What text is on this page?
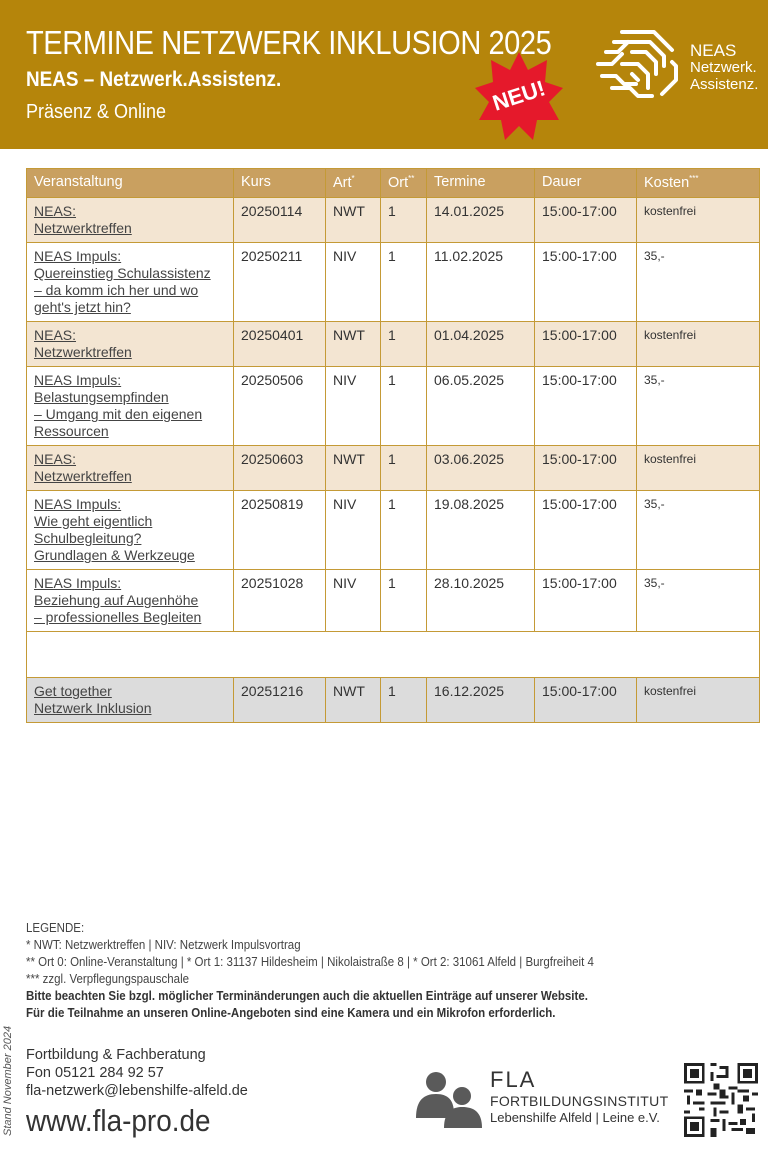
TERMINE NETZWERK INKLUSION 2025
NEAS – Netzwerk.Assistenz.
Präsenz & Online	NEU!
NEAS
Netzwerk.
Assistenz.
Veranstaltung	Kurs	Art*	Ort**	Termine	Dauer	Kosten***

NEAS:
Netzwerktreffen	20250114	NWT	1	14.01.2025	15:00-17:00	kostenfrei

NEAS Impuls:
Quereinstieg Schulassistenz
– da komm ich her und wo
geht's jetzt hin?	20250211	NIV	1	11.02.2025	15:00-17:00	35,-

NEAS:
Netzwerktreffen	20250401	NWT	1	01.04.2025	15:00-17:00	kostenfrei

NEAS Impuls:
Belastungsempfinden
– Umgang mit den eigenen
Ressourcen	20250506	NIV	1	06.05.2025	15:00-17:00	35,-

NEAS:
Netzwerktreffen	20250603	NWT	1	03.06.2025	15:00-17:00	kostenfrei

NEAS Impuls:
Wie geht eigentlich
Schulbegleitung?
Grundlagen & Werkzeuge	20250819	NIV	1	19.08.2025	15:00-17:00	35,-

NEAS Impuls:
Beziehung auf Augenhöhe
– professionelles Begleiten	20251028	NIV	1	28.10.2025	15:00-17:00	35,-

Get together
Netzwerk Inklusion	20251216	NWT	1	16.12.2025	15:00-17:00	kostenfrei
LEGENDE:
* NWT: Netzwerktreffen | NIV: Netzwerk Impulsvortrag
** Ort 0: Online-Veranstaltung | * Ort 1: 31137 Hildesheim | Nikolaistraße 8 | * Ort 2: 31061 Alfeld | Burgfreiheit 4
*** zzgl. Verpflegungspauschale
Bitte beachten Sie bzgl. möglicher Terminänderungen auch die aktuellen Einträge auf unserer Website.
Für die Teilnahme an unseren Online-Angeboten sind eine Kamera und ein Mikrofon erforderlich.
Stand November 2024 Fortbildung & Fachberatung
Fon 05121 284 92 57
fla-netzwerk@lebenshilfe-alfeld.de
www.fla-pro.de
FLA
FORTBILDUNGSINSTITUT
Lebenshilfe Alfeld | Leine e.V.
